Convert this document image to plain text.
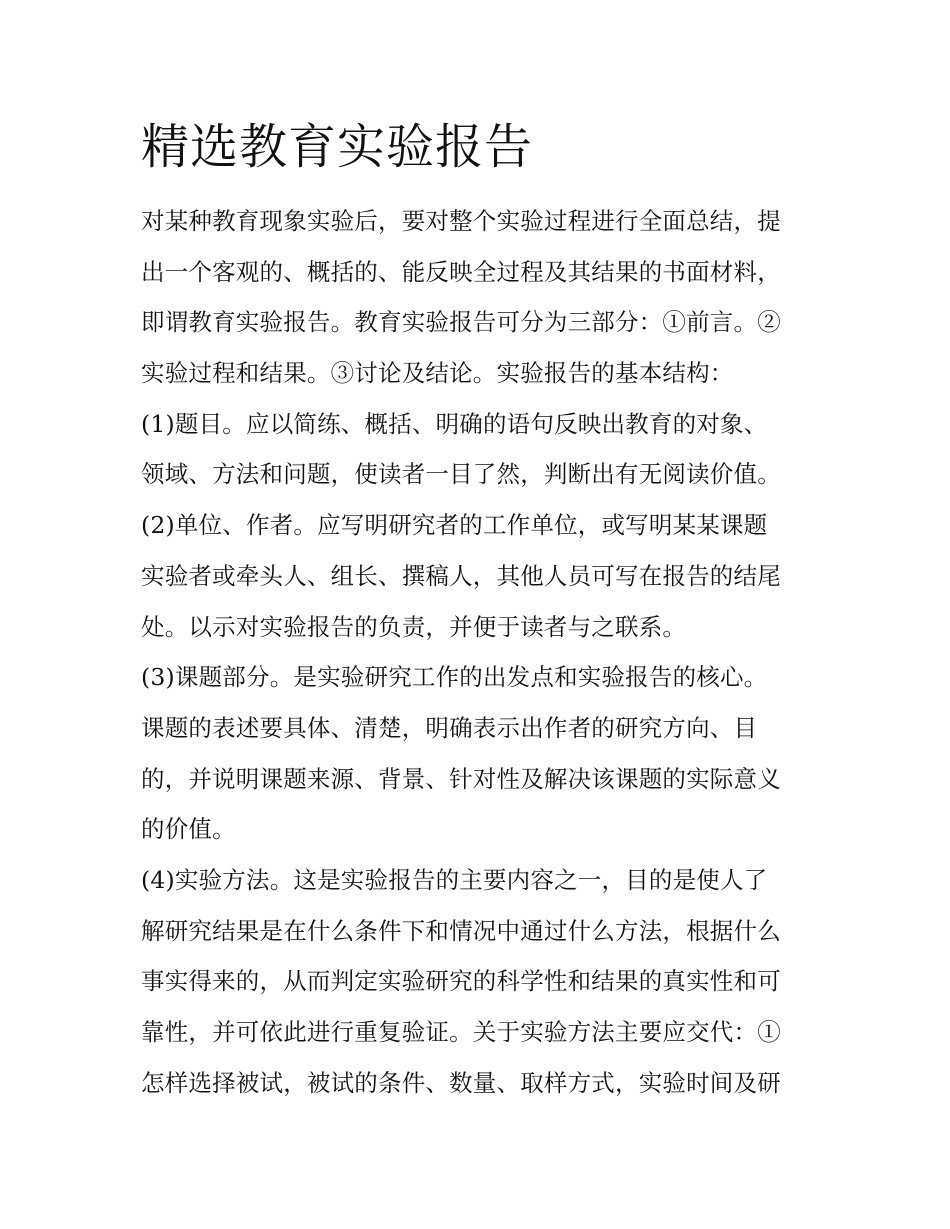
精选教育实验报告
对某种教育现象实验后，要对整个实验过程进行全面总结，提
出一个客观的、概括的、能反映全过程及其结果的书面材料，
即谓教育实验报告。教育实验报告可分为三部分：①前言。②
实验过程和结果。③讨论及结论。实验报告的基本结构：
(1)题目。应以简练、概括、明确的语句反映出教育的对象、
领域、方法和问题，使读者一目了然，判断出有无阅读价值。
(2)单位、作者。应写明研究者的工作单位，或写明某某课题
实验者或牵头人、组长、撰稿人，其他人员可写在报告的结尾
处。以示对实验报告的负责，并便于读者与之联系。
(3)课题部分。是实验研究工作的出发点和实验报告的核心。
课题的表述要具体、清楚，明确表示出作者的研究方向、目
的，并说明课题来源、背景、针对性及解决该课题的实际意义
的价值。
(4)实验方法。这是实验报告的主要内容之一，目的是使人了
解研究结果是在什么条件下和情况中通过什么方法，根据什么
事实得来的，从而判定实验研究的科学性和结果的真实性和可
靠性，并可依此进行重复验证。关于实验方法主要应交代：①
怎样选择被试，被试的条件、数量、取样方式，实验时间及研
